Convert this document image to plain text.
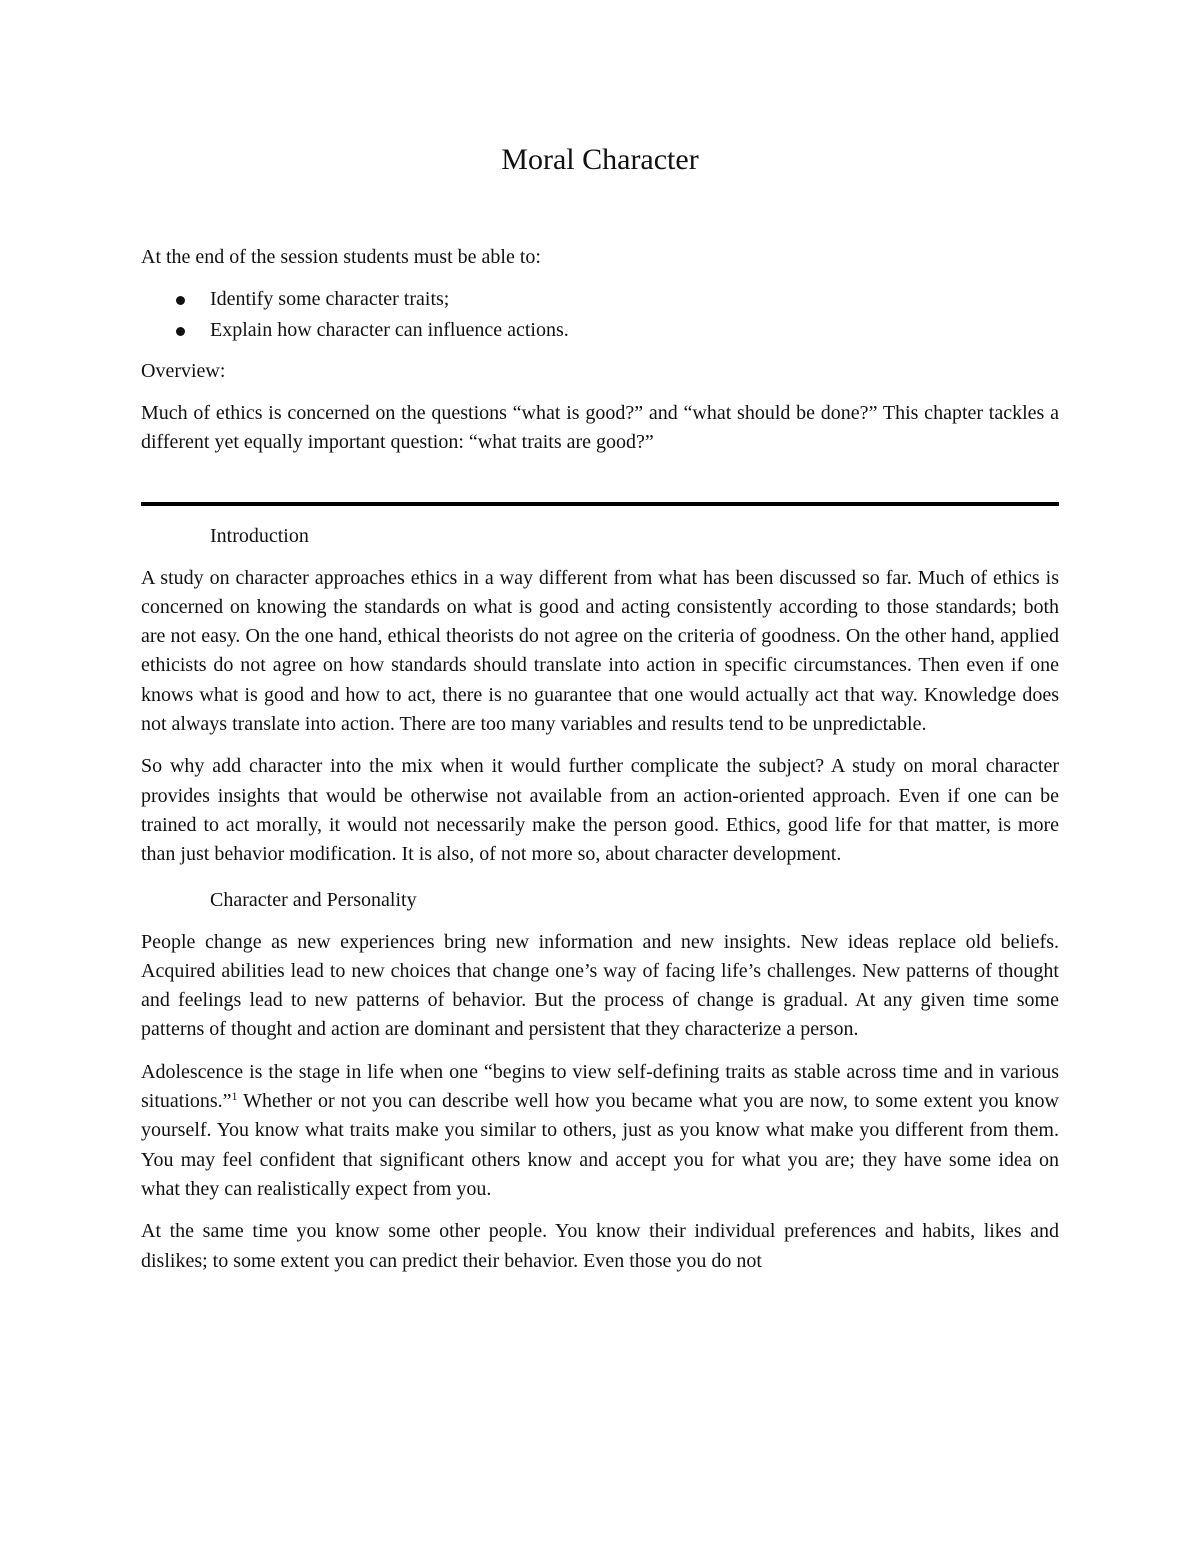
Moral Character

At the end of the session students must be able to:

Identify some character traits;
Explain how character can influence actions.

Overview:

Much of ethics is concerned on the questions “what is good?” and “what should be done?” This chapter tackles a different yet equally important question: “what traits are good?”

Introduction

A study on character approaches ethics in a way different from what has been discussed so far. Much of ethics is concerned on knowing the standards on what is good and acting consistently according to those standards; both are not easy. On the one hand, ethical theorists do not agree on the criteria of goodness. On the other hand, applied ethicists do not agree on how standards should translate into action in specific circumstances. Then even if one knows what is good and how to act, there is no guarantee that one would actually act that way. Knowledge does not always translate into action. There are too many variables and results tend to be unpredictable.

So why add character into the mix when it would further complicate the subject? A study on moral character provides insights that would be otherwise not available from an action-oriented approach. Even if one can be trained to act morally, it would not necessarily make the person good. Ethics, good life for that matter, is more than just behavior modification. It is also, of not more so, about character development.

Character and Personality

People change as new experiences bring new information and new insights. New ideas replace old beliefs. Acquired abilities lead to new choices that change one’s way of facing life’s challenges. New patterns of thought and feelings lead to new patterns of behavior. But the process of change is gradual. At any given time some patterns of thought and action are dominant and persistent that they characterize a person.

Adolescence is the stage in life when one “begins to view self-defining traits as stable across time and in various situations.”$^1$ Whether or not you can describe well how you became what you are now, to some extent you know yourself. You know what traits make you similar to others, just as you know what make you different from them. You may feel confident that significant others know and accept you for what you are; they have some idea on what they can realistically expect from you.

At the same time you know some other people. You know their individual preferences and habits, likes and dislikes; to some extent you can predict their behavior. Even those you do not
